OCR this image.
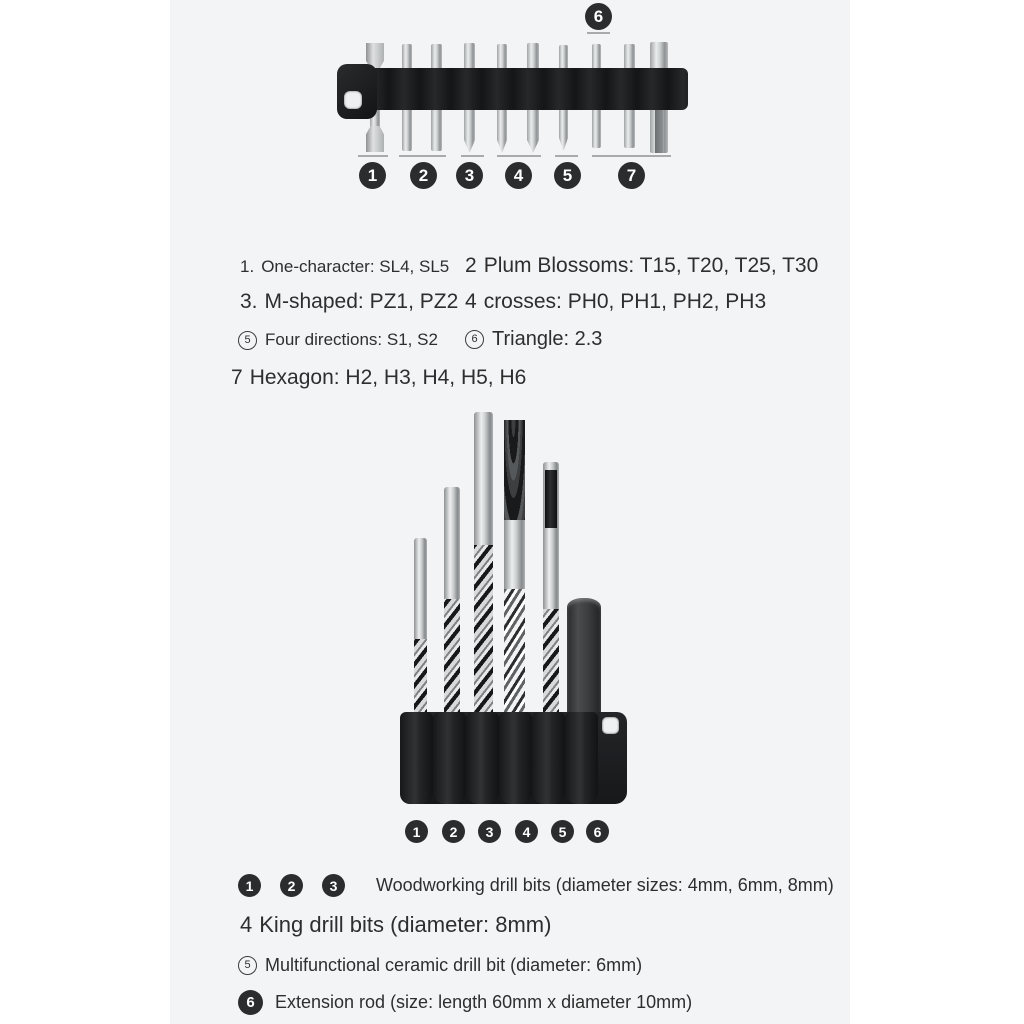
6
1	2	3	4	5	7
1. One-character: SL4, SL5 2 Plum Blossoms: T15, T20, T25, T30
3. M-shaped: PZ1, PZ2 4 crosses: PH0, PH1, PH2, PH3
5 Four directions: S1, S2	6 Triangle: 2.3
7 Hexagon: H2, H3, H4, H5, H6
1	2	3	4	5	6
1	2	3	Woodworking drill bits (diameter sizes: 4mm, 6mm, 8mm)
4 King drill bits (diameter: 8mm)
5 Multifunctional ceramic drill bit (diameter: 6mm)
6	Extension rod (size: length 60mm x diameter 10mm)
